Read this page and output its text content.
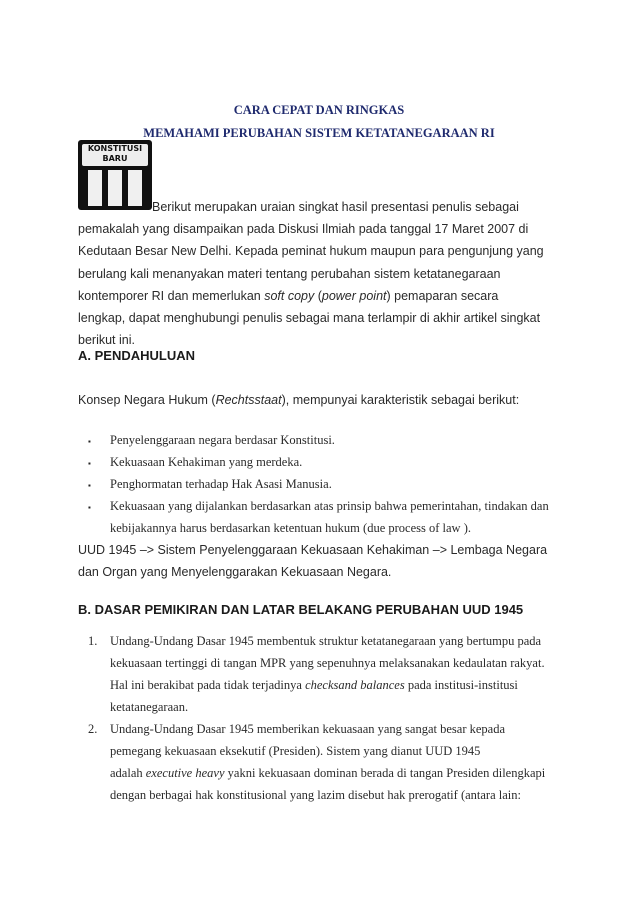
CARA CEPAT DAN RINGKAS
MEMAHAMI PERUBAHAN SISTEM KETATANEGARAAN RI
KONSTITUSI
BARU
Berikut merupakan uraian singkat hasil presentasi penulis sebagai
pemakalah yang disampaikan pada Diskusi Ilmiah pada tanggal 17 Maret 2007 di
Kedutaan Besar New Delhi. Kepada peminat hukum maupun para pengunjung yang
berulang kali menanyakan materi tentang perubahan sistem ketatanegaraan
kontemporer RI dan memerlukan soft copy (power point) pemaparan secara
lengkap, dapat menghubungi penulis sebagai mana terlampir di akhir artikel singkat
berikut ini.
A. PENDAHULUAN
Konsep Negara Hukum (Rechtsstaat), mempunyai karakteristik sebagai berikut:
▪ Penyelenggaraan negara berdasar Konstitusi.
▪ Kekuasaan Kehakiman yang merdeka.
▪ Penghormatan terhadap Hak Asasi Manusia.
▪ Kekuasaan yang dijalankan berdasarkan atas prinsip bahwa pemerintahan, tindakan dan
kebijakannya harus berdasarkan ketentuan hukum (due process of law ).
UUD 1945 –> Sistem Penyelenggaraan Kekuasaan Kehakiman –> Lembaga Negara
dan Organ yang Menyelenggarakan Kekuasaan Negara.
B. DASAR PEMIKIRAN DAN LATAR BELAKANG PERUBAHAN UUD 1945
1. Undang-Undang Dasar 1945 membentuk struktur ketatanegaraan yang bertumpu pada
kekuasaan tertinggi di tangan MPR yang sepenuhnya melaksanakan kedaulatan rakyat.
Hal ini berakibat pada tidak terjadinya checksand balances pada institusi-institusi
ketatanegaraan.
2. Undang-Undang Dasar 1945 memberikan kekuasaan yang sangat besar kepada
pemegang kekuasaan eksekutif (Presiden). Sistem yang dianut UUD 1945
adalah executive heavy yakni kekuasaan dominan berada di tangan Presiden dilengkapi
dengan berbagai hak konstitusional yang lazim disebut hak prerogatif (antara lain:
